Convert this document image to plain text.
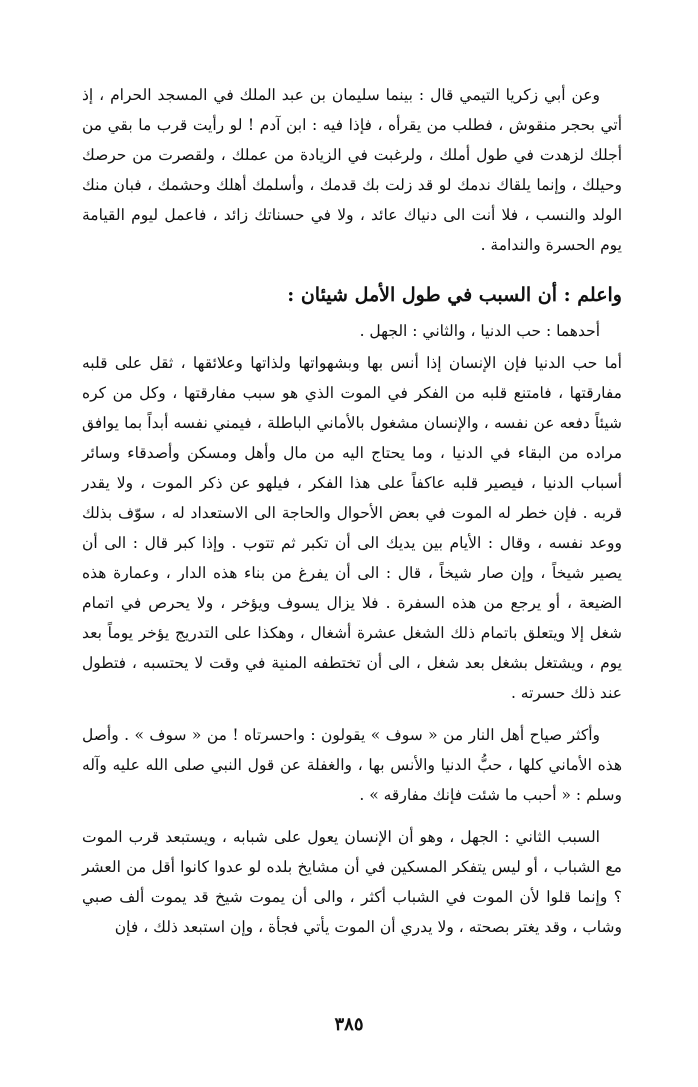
وعن أبي زكريا التيمي قال : بينما سليمان بن عبد الملك في المسجد الحرام ، إذ أتي بحجر منقوش ، فطلب من يقرأه ، فإذا فيه : ابن آدم ! لو رأيت قرب ما بقي من أجلك لزهدت في طول أملك ، ولرغبت في الزيادة من عملك ، ولقصرت من حرصك وحيلك ، وإنما يلقاك ندمك لو قد زلت بك قدمك ، وأسلمك أهلك وحشمك ، فبان منك الولد والنسب ، فلا أنت الى دنياك عائد ، ولا في حسناتك زائد ، فاعمل ليوم القيامة يوم الحسرة والندامة .

واعلم : أن السبب في طول الأمل شيئان :
أحدهما : حب الدنيا ، والثاني : الجهل .

أما حب الدنيا فإن الإنسان إذا أنس بها وبشهواتها ولذاتها وعلائقها ، ثقل على قلبه مفارقتها ، فامتنع قلبه من الفكر في الموت الذي هو سبب مفارقتها ، وكل من كره شيئاً دفعه عن نفسه ، والإنسان مشغول بالأماني الباطلة ، فيمني نفسه أبداً بما يوافق مراده من البقاء في الدنيا ، وما يحتاج اليه من مال وأهل ومسكن وأصدقاء وسائر أسباب الدنيا ، فيصير قلبه عاكفاً على هذا الفكر ، فيلهو عن ذكر الموت ، ولا يقدر قربه . فإن خطر له الموت في بعض الأحوال والحاجة الى الاستعداد له ، سوّف بذلك ووعد نفسه ، وقال : الأيام بين يديك الى أن تكبر ثم تتوب . وإذا كبر قال : الى أن يصير شيخاً ، وإن صار شيخاً ، قال : الى أن يفرغ من بناء هذه الدار ، وعمارة هذه الضيعة ، أو يرجع من هذه السفرة . فلا يزال يسوف ويؤخر ، ولا يحرص في اتمام شغل إلا ويتعلق باتمام ذلك الشغل عشرة أشغال ، وهكذا على التدريج يؤخر يوماً بعد يوم ، ويشتغل بشغل بعد شغل ، الى أن تختطفه المنية في وقت لا يحتسبه ، فتطول عند ذلك حسرته .

وأكثر صياح أهل النار من « سوف » يقولون : واحسرتاه ! من « سوف » . وأصل هذه الأماني كلها ، حبُّ الدنيا والأنس بها ، والغفلة عن قول النبي صلى الله عليه وآله وسلم : « أحبب ما شئت فإنك مفارقه » .

السبب الثاني : الجهل ، وهو أن الإنسان يعول على شبابه ، ويستبعد قرب الموت مع الشباب ، أو ليس يتفكر المسكين في أن مشايخ بلده لو عدوا كانوا أقل من العشر ؟ وإنما قلوا لأن الموت في الشباب أكثر ، والى أن يموت شيخ قد يموت ألف صبي وشاب ، وقد يغتر بصحته ، ولا يدري أن الموت يأتي فجأة ، وإن استبعد ذلك ، فإن

٣٨٥
